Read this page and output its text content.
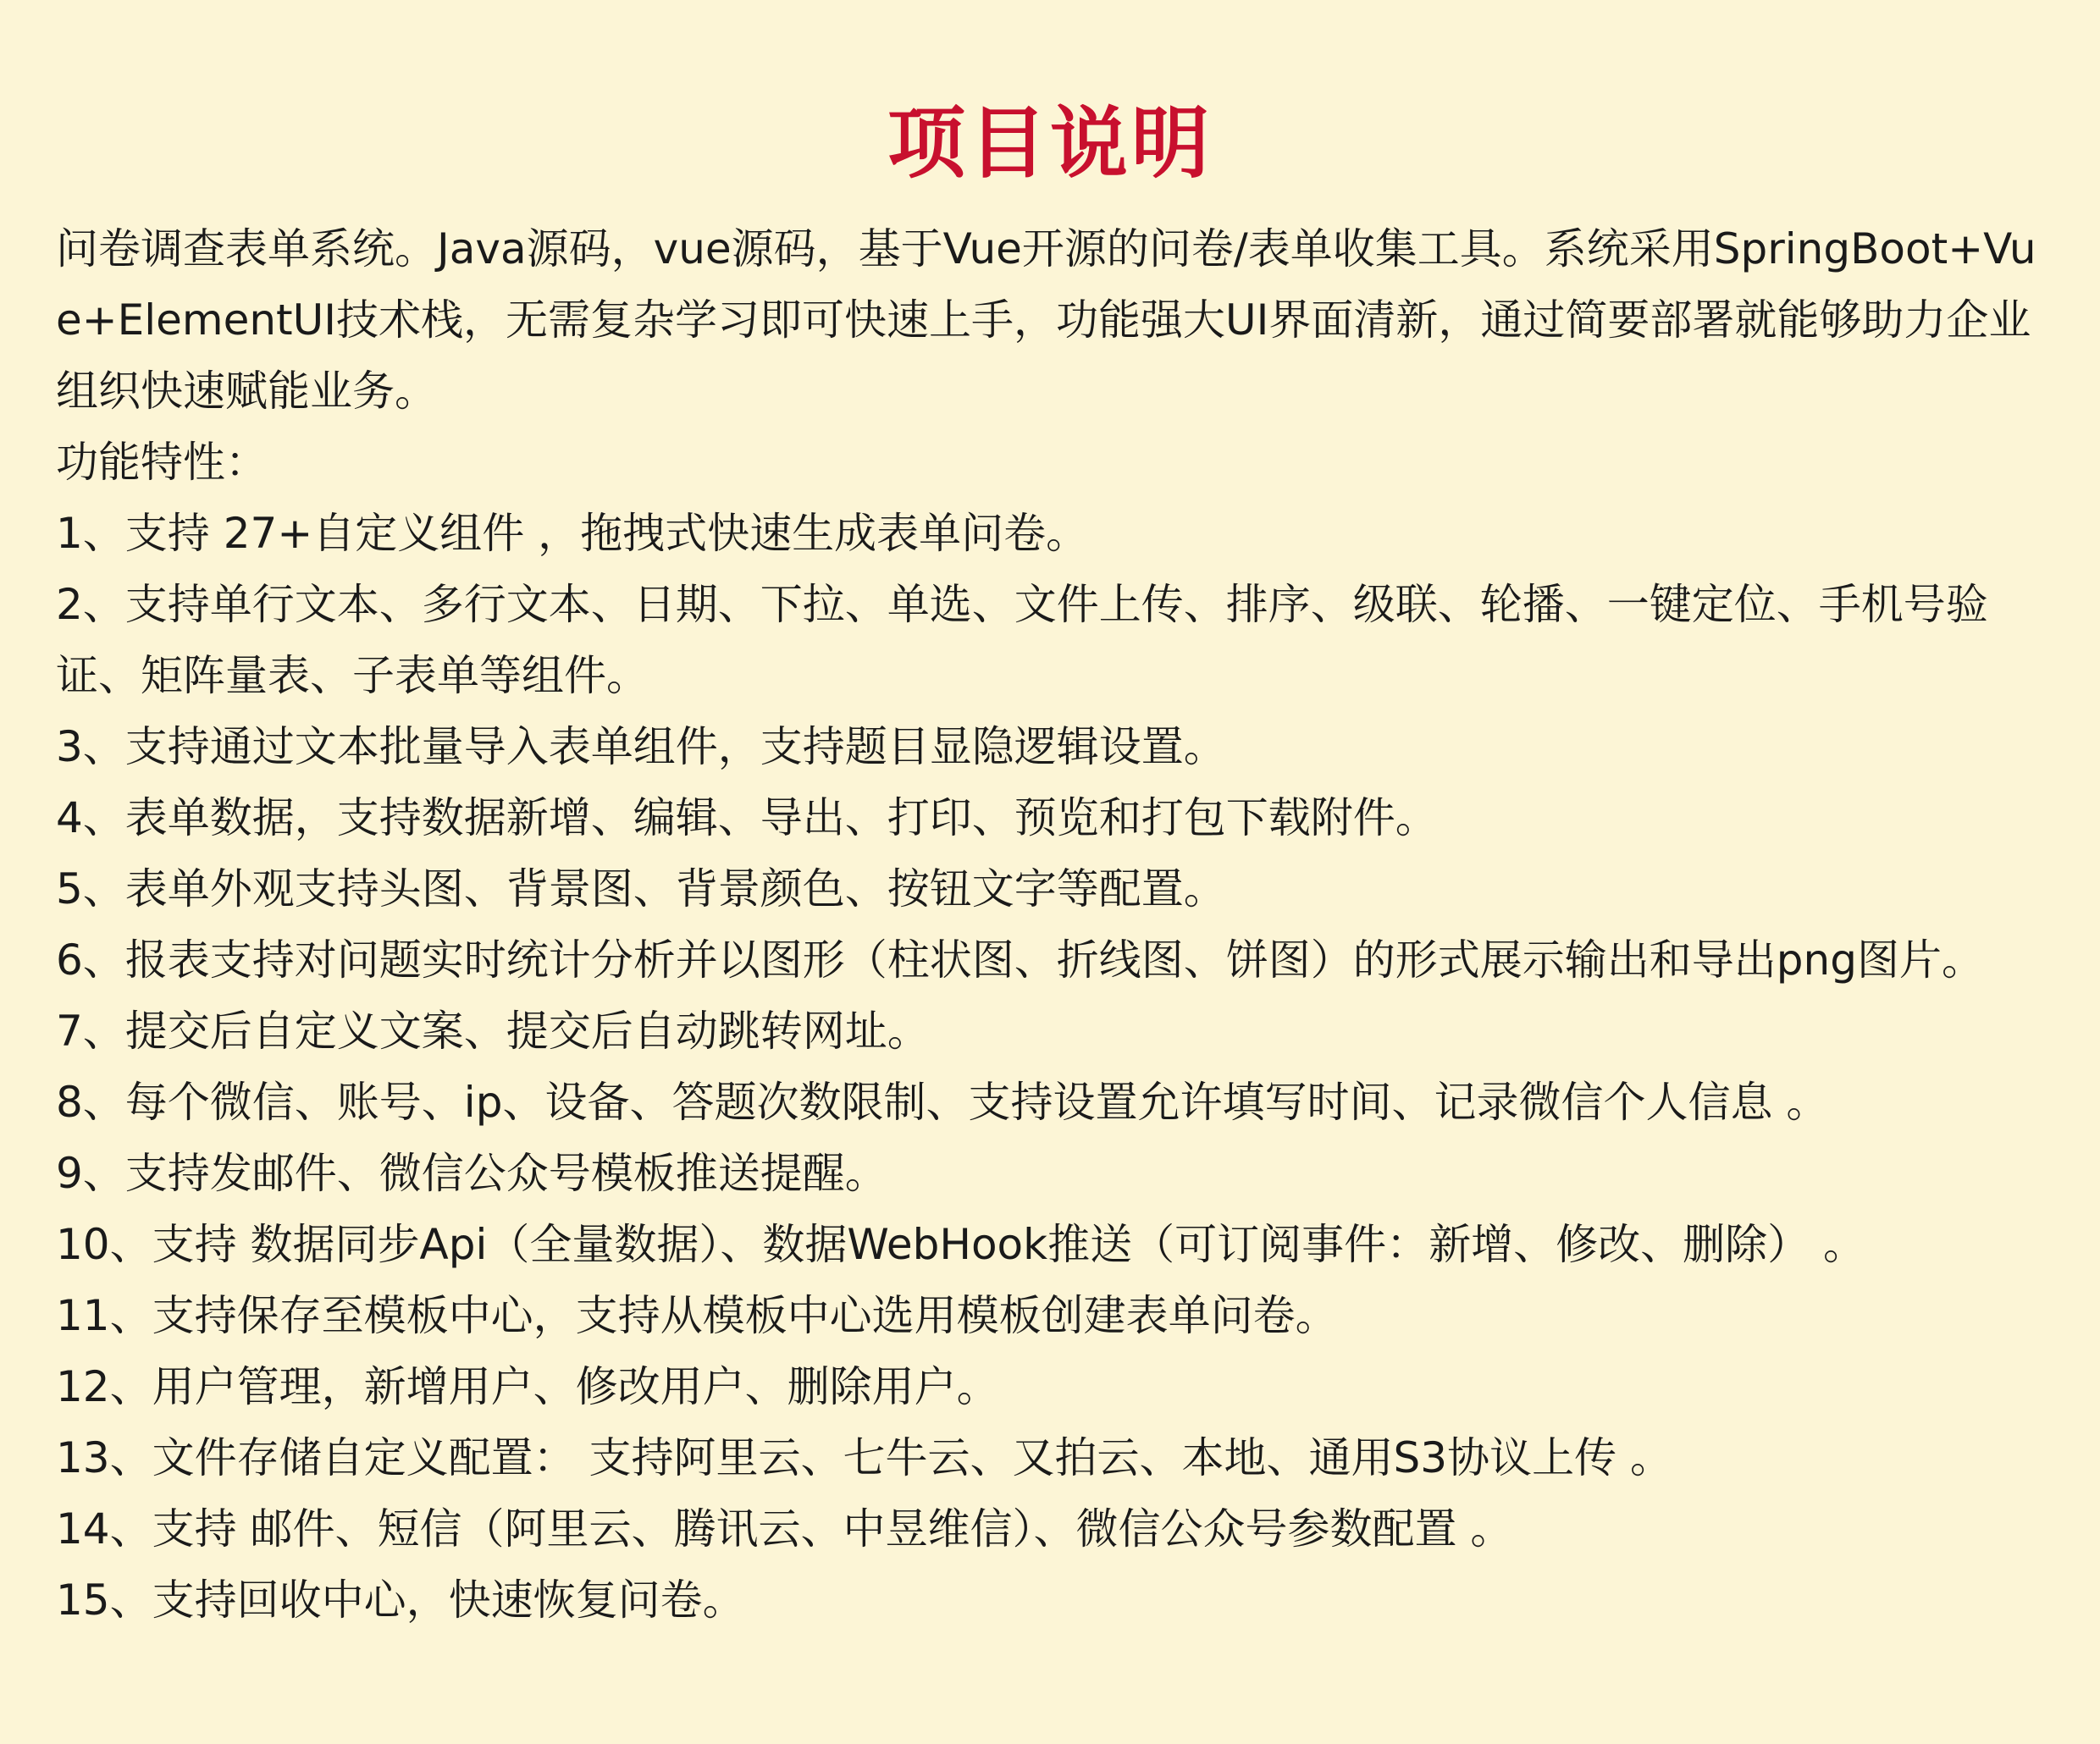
项目说明

问卷调查表单系统。Java源码，vue源码，基于Vue开源的问卷/表单收集工具。系统采用SpringBoot+Vue+ElementUI技术栈，无需复杂学习即可快速上手，功能强大UI界面清新，通过简要部署就能够助力企业组织快速赋能业务。

功能特性：

1、支持 27+自定义组件 ，拖拽式快速生成表单问卷。

2、支持单行文本、多行文本、日期、下拉、单选、文件上传、排序、级联、轮播、一键定位、手机号验证、矩阵量表、子表单等组件。

3、支持通过文本批量导入表单组件，支持题目显隐逻辑设置。

4、表单数据，支持数据新增、编辑、导出、打印、预览和打包下载附件。

5、表单外观支持头图、背景图、背景颜色、按钮文字等配置。

6、报表支持对问题实时统计分析并以图形（柱状图、折线图、饼图）的形式展示输出和导出png图片。

7、提交后自定义文案、提交后自动跳转网址。

8、每个微信、账号、ip、设备、答题次数限制、支持设置允许填写时间、记录微信个人信息 。

9、支持发邮件、微信公众号模板推送提醒。

10、支持 数据同步Api（全量数据）、数据WebHook推送（可订阅事件：新增、修改、删除） 。

11、支持保存至模板中心，支持从模板中心选用模板创建表单问卷。

12、用户管理，新增用户、修改用户、删除用户。

13、文件存储自定义配置： 支持阿里云、七牛云、又拍云、本地、通用S3协议上传 。

14、支持 邮件、短信（阿里云、腾讯云、中昱维信）、微信公众号参数配置 。

15、支持回收中心，快速恢复问卷。
